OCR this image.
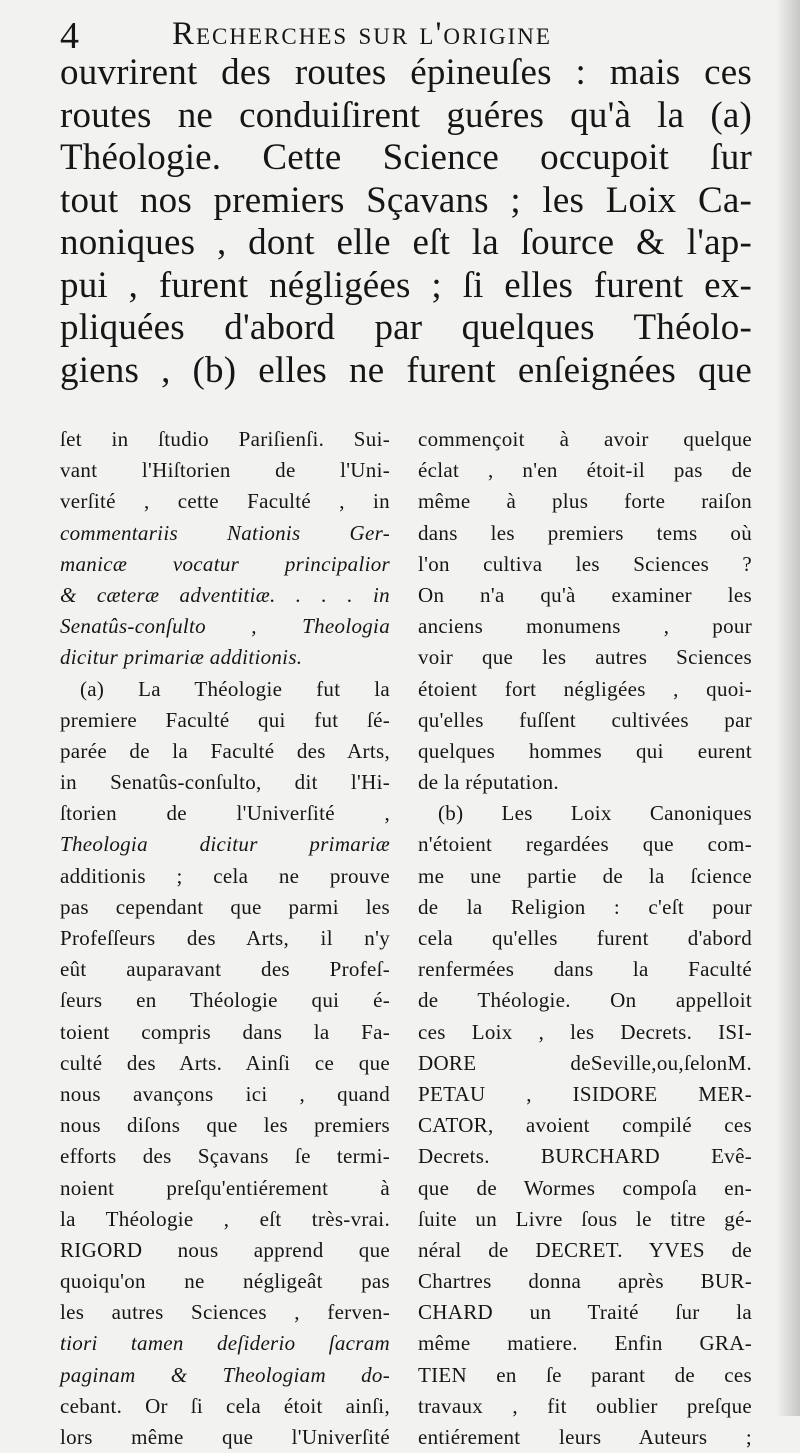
4	Recherches sur l'origine
ouvrirent des routes épineuſes : mais ces
routes ne conduiſirent guéres qu'à la (a)
Théologie. Cette Science occupoit ſur
tout nos premiers Sçavans ; les Loix Ca-
noniques , dont elle eſt la ſource & l'ap-
pui , furent négligées ; ſi elles furent ex-
pliquées d'abord par quelques Théolo-
giens , (b) elles ne furent enſeignées que
ſet in ſtudio Pariſienſi. Sui-
vant l'Hiſtorien de l'Uni-
verſité , cette Faculté , in
commentariis Nationis Ger-
manicæ vocatur principalior
& cæteræ adventitiæ. . . . in
Senatûs-conſulto , Theologia
dicitur primariæ additionis.
(a) La Théologie fut la
premiere Faculté qui fut ſé-
parée de la Faculté des Arts,
in Senatûs-conſulto, dit l'Hi-
ſtorien de l'Univerſité ,
Theologia dicitur primariæ
additionis ; cela ne prouve
pas cependant que parmi les
Profeſſeurs des Arts, il n'y
eût auparavant des Profeſ-
ſeurs en Théologie qui é-
toient compris dans la Fa-
culté des Arts. Ainſi ce que
nous avançons ici , quand
nous diſons que les premiers
efforts des Sçavans ſe termi-
noient preſqu'entiérement à
la Théologie , eſt très-vrai.
RIGORD nous apprend que
quoiqu'on ne négligeât pas
les autres Sciences , ferven-
tiori tamen deſiderio ſacram
paginam & Theologiam do-
cebant. Or ſi cela étoit ainſi,
lors même que l'Univerſité
commençoit à avoir quelque
éclat , n'en étoit-il pas de
même à plus forte raiſon
dans les premiers tems où
l'on cultiva les Sciences ?
On n'a qu'à examiner les
anciens monumens , pour
voir que les autres Sciences
étoient fort négligées , quoi-
qu'elles fuſſent cultivées par
quelques hommes qui eurent
de la réputation.
(b) Les Loix Canoniques
n'étoient regardées que com-
me une partie de la ſcience
de la Religion : c'eſt pour
cela qu'elles furent d'abord
renfermées dans la Faculté
de Théologie. On appelloit
ces Loix , les Decrets. ISI-
DORE deSeville,ou,ſelonM.
PETAU , ISIDORE MER-
CATOR, avoient compilé ces
Decrets. BURCHARD Evê-
que de Wormes compoſa en-
ſuite un Livre ſous le titre gé-
néral de DECRET. YVES de
Chartres donna après BUR-
CHARD un Traité ſur la
même matiere. Enfin GRA-
TIEN en ſe parant de ces
travaux , fit oublier preſque
entiérement leurs Auteurs ;
